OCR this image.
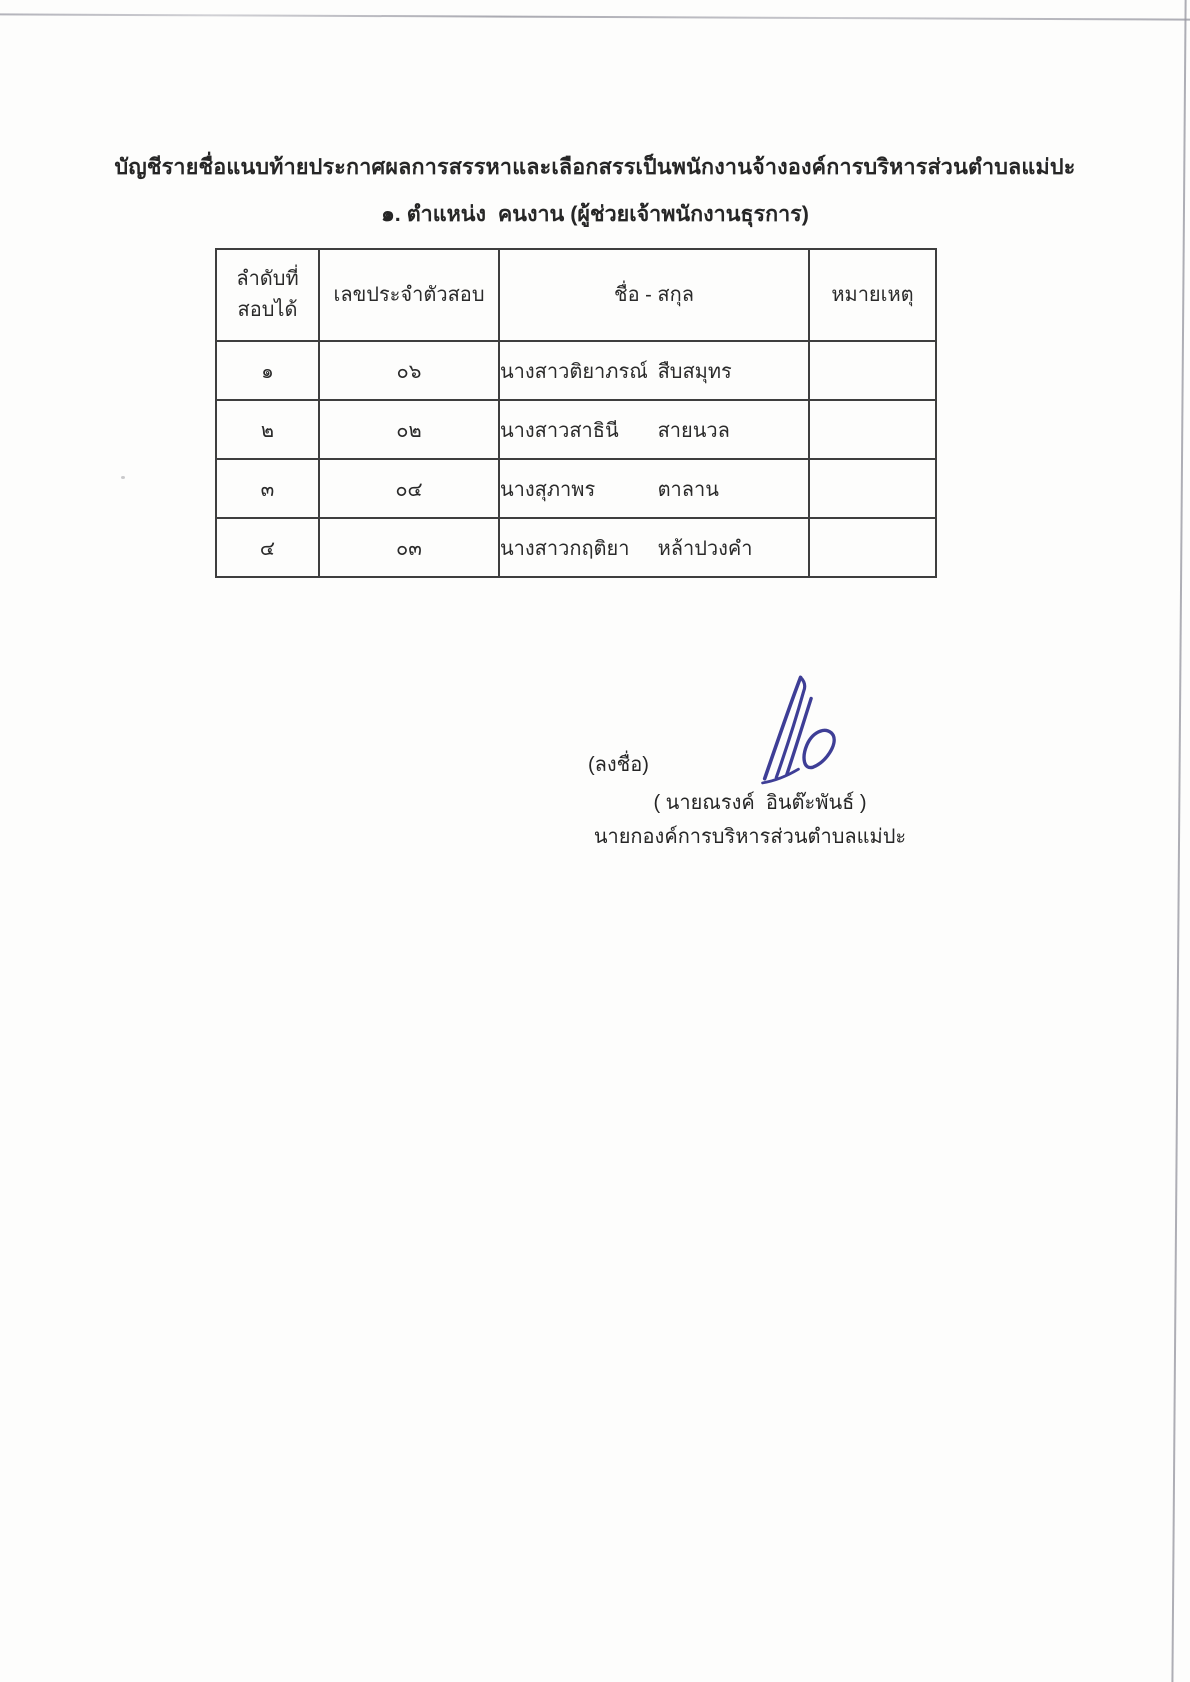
บัญชีรายชื่อแนบท้ายประกาศผลการสรรหาและเลือกสรรเป็นพนักงานจ้างองค์การบริหารส่วนตำบลแม่ปะ
๑. ตำแหน่ง  คนงาน (ผู้ช่วยเจ้าพนักงานธุรการ)
ลำดับที่
สอบได้	เลขประจำตัวสอบ	ชื่อ - สกุล	หมายเหตุ
๑	๐๖	นางสาวติยาภรณ์ สืบสมุทร	
๒	๐๒	นางสาวสาธินี สายนวล	
๓	๐๔	นางสุภาพร ตาลาน	
๔	๐๓	นางสาวกฤติยา หล้าปวงคำ	
(ลงชื่อ)
( นายณรงค์  อินต๊ะพันธ์ )
นายกองค์การบริหารส่วนตำบลแม่ปะ
